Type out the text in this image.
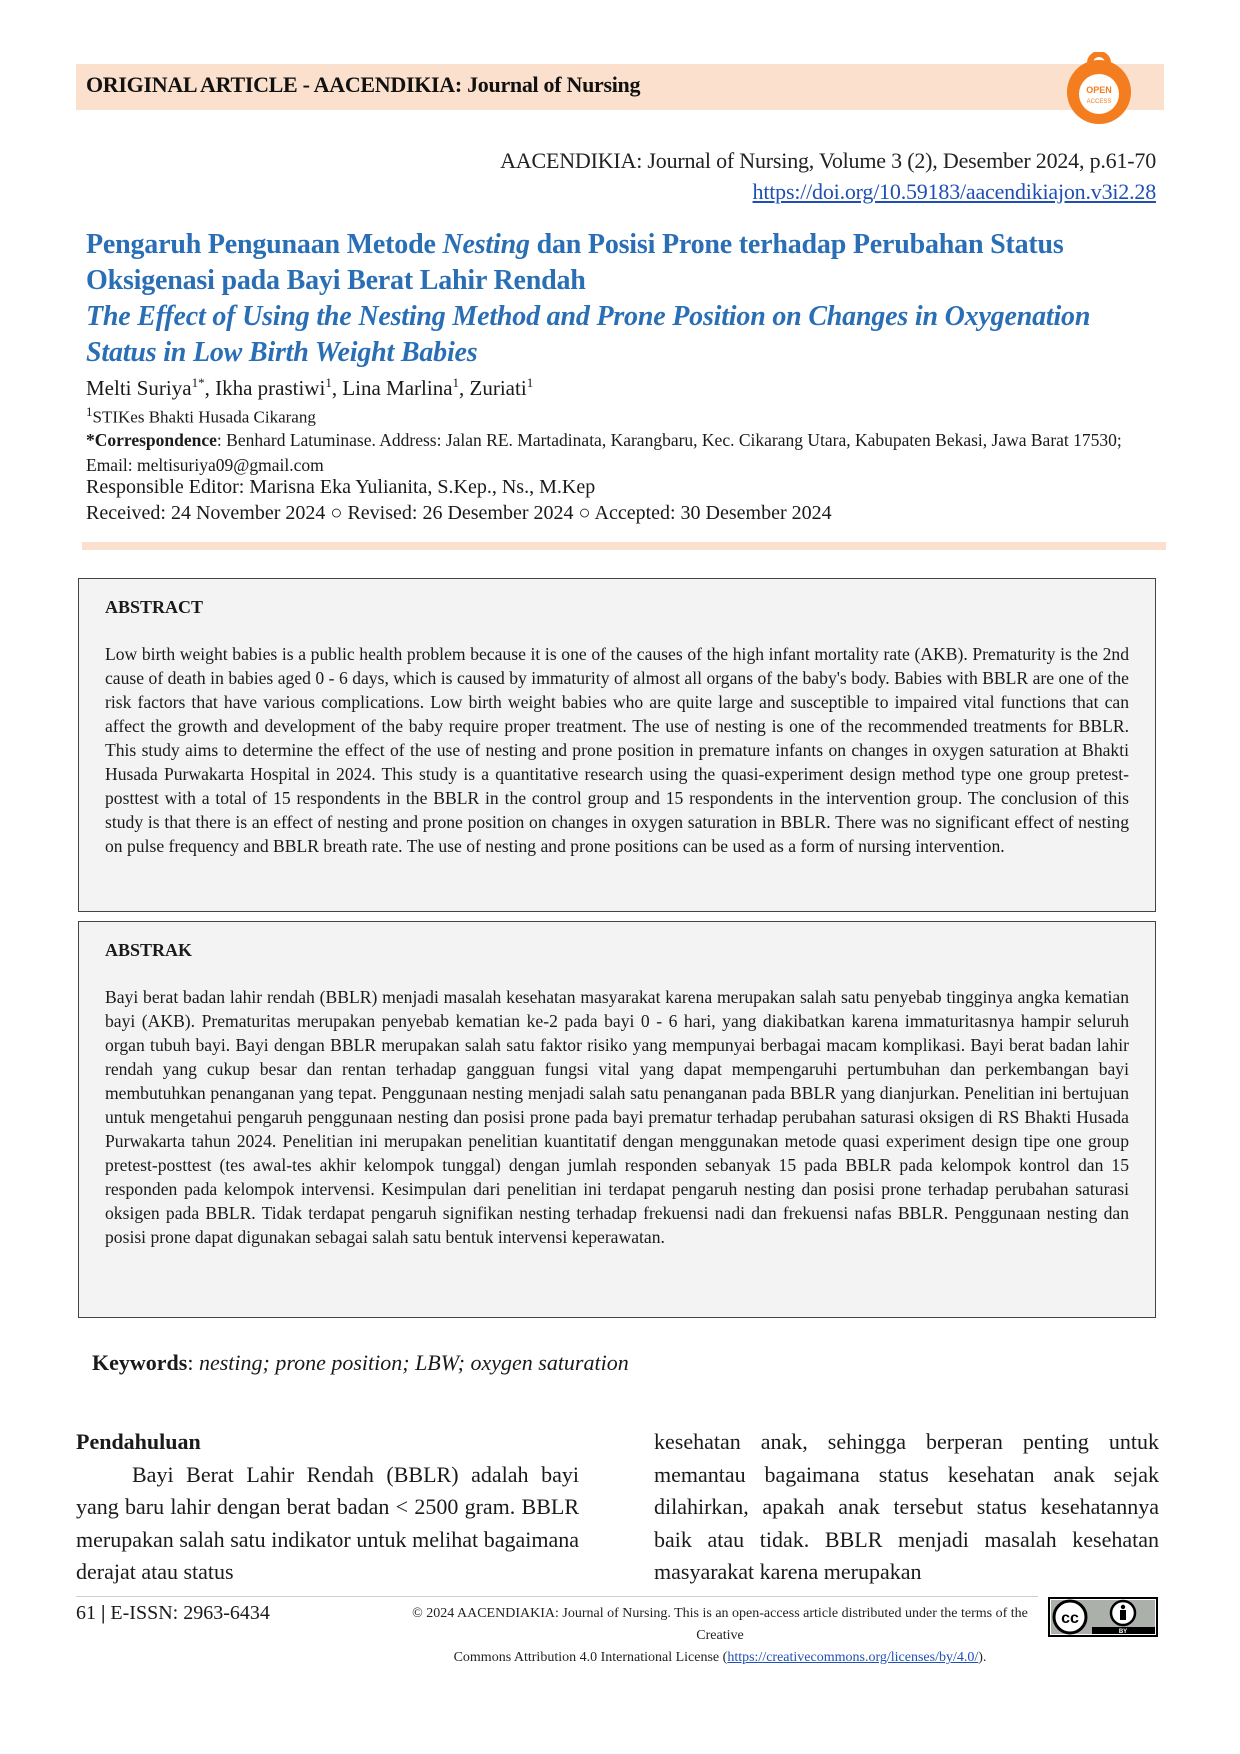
ORIGINAL ARTICLE - AACENDIKIA: Journal of Nursing	OPEN
ACCESS
AACENDIKIA: Journal of Nursing, Volume 3 (2), Desember 2024, p.61-70
https://doi.org/10.59183/aacendikiajon.v3i2.28
Pengaruh Pengunaan Metode Nesting dan Posisi Prone terhadap Perubahan Status Oksigenasi pada Bayi Berat Lahir Rendah
The Effect of Using the Nesting Method and Prone Position on Changes in Oxygenation Status in Low Birth Weight Babies
Melti Suriya$^{1*}$, Ikha prastiwi$^1$, Lina Marlina$^1$, Zuriati$^1$
$^1$STIKes Bhakti Husada Cikarang
*Correspondence: Benhard Latuminase. Address: Jalan RE. Martadinata, Karangbaru, Kec. Cikarang Utara, Kabupaten Bekasi, Jawa Barat 17530; Email: meltisuriya09@gmail.com
Responsible Editor: Marisna Eka Yulianita, S.Kep., Ns., M.Kep
Received: 24 November 2024 ○ Revised: 26 Desember 2024 ○ Accepted: 30 Desember 2024
ABSTRACT

Low birth weight babies is a public health problem because it is one of the causes of the high infant mortality rate (AKB). Prematurity is the 2nd cause of death in babies aged 0 - 6 days, which is caused by immaturity of almost all organs of the baby's body. Babies with BBLR are one of the risk factors that have various complications. Low birth weight babies who are quite large and susceptible to impaired vital functions that can affect the growth and development of the baby require proper treatment. The use of nesting is one of the recommended treatments for BBLR. This study aims to determine the effect of the use of nesting and prone position in premature infants on changes in oxygen saturation at Bhakti Husada Purwakarta Hospital in 2024. This study is a quantitative research using the quasi-experiment design method type one group pretest-posttest with a total of 15 respondents in the BBLR in the control group and 15 respondents in the intervention group. The conclusion of this study is that there is an effect of nesting and prone position on changes in oxygen saturation in BBLR. There was no significant effect of nesting on pulse frequency and BBLR breath rate. The use of nesting and prone positions can be used as a form of nursing intervention.

ABSTRAK

Bayi berat badan lahir rendah (BBLR) menjadi masalah kesehatan masyarakat karena merupakan salah satu penyebab tingginya angka kematian bayi (AKB). Prematuritas merupakan penyebab kematian ke-2 pada bayi 0 - 6 hari, yang diakibatkan karena immaturitasnya hampir seluruh organ tubuh bayi. Bayi dengan BBLR merupakan salah satu faktor risiko yang mempunyai berbagai macam komplikasi. Bayi berat badan lahir rendah yang cukup besar dan rentan terhadap gangguan fungsi vital yang dapat mempengaruhi pertumbuhan dan perkembangan bayi membutuhkan penanganan yang tepat. Penggunaan nesting menjadi salah satu penanganan pada BBLR yang dianjurkan. Penelitian ini bertujuan untuk mengetahui pengaruh penggunaan nesting dan posisi prone pada bayi prematur terhadap perubahan saturasi oksigen di RS Bhakti Husada Purwakarta tahun 2024. Penelitian ini merupakan penelitian kuantitatif dengan menggunakan metode quasi experiment design tipe one group pretest-posttest (tes awal-tes akhir kelompok tunggal) dengan jumlah responden sebanyak 15 pada BBLR pada kelompok kontrol dan 15 responden pada kelompok intervensi. Kesimpulan dari penelitian ini terdapat pengaruh nesting dan posisi prone terhadap perubahan saturasi oksigen pada BBLR. Tidak terdapat pengaruh signifikan nesting terhadap frekuensi nadi dan frekuensi nafas BBLR. Penggunaan nesting dan posisi prone dapat digunakan sebagai salah satu bentuk intervensi keperawatan.

Keywords: nesting; prone position; LBW; oxygen saturation

Pendahuluan

Bayi Berat Lahir Rendah (BBLR) adalah bayi yang baru lahir dengan berat badan < 2500 gram. BBLR merupakan salah satu indikator untuk melihat bagaimana derajat atau status

kesehatan anak, sehingga berperan penting untuk memantau bagaimana status kesehatan anak sejak dilahirkan, apakah anak tersebut status kesehatannya baik atau tidak. BBLR menjadi masalah kesehatan masyarakat karena merupakan

61 | E-ISSN: 2963-6434	© 2024 AACENDIAKIA: Journal of Nursing. This is an open-access article distributed under the terms of the Creative
Commons Attribution 4.0 International License (https://creativecommons.org/licenses/by/4.0/).
cc
BY
